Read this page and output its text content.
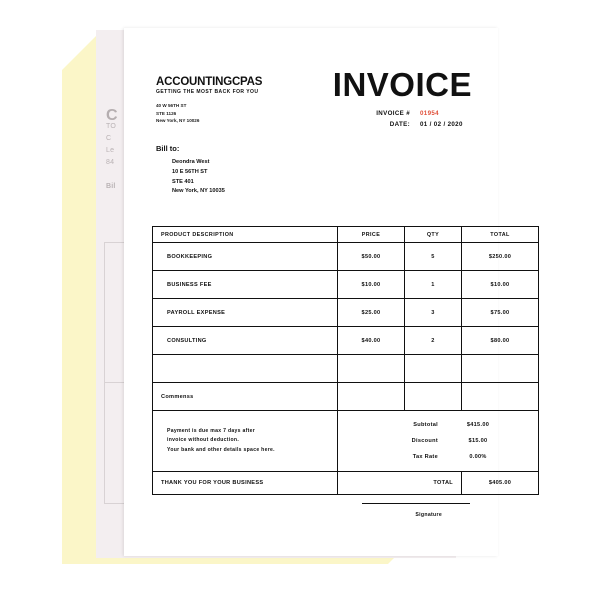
C
TO
C
Le
84
Bil
ACCOUNTINGCPAS
GETTING THE MOST BACK FOR YOU
40 W 56TH ST
STE 1126
New York, NY 10026
INVOICE
INVOICE # 01954
DATE: 01 / 02 / 2020
Bill to:
Deondra West
10 E 56TH ST
STE 401
New York, NY 10035
PRODUCT DESCRIPTION	PRICE	QTY	TOTAL
BOOKKEEPING	$50.00	5	$250.00
BUSINESS FEE	$10.00	1	$10.00
PAYROLL EXPENSE	$25.00	3	$75.00
CONSULTING	$40.00	2	$80.00

Commenss			

Payment is due max 7 days after
invoice without deduction.
Your bank and other details space here.

Subtotal	$415.00
Discount	$15.00
Tax Rate	0.00%

THANK YOU FOR YOUR BUSINESS	TOTAL		$405.00
Signature
